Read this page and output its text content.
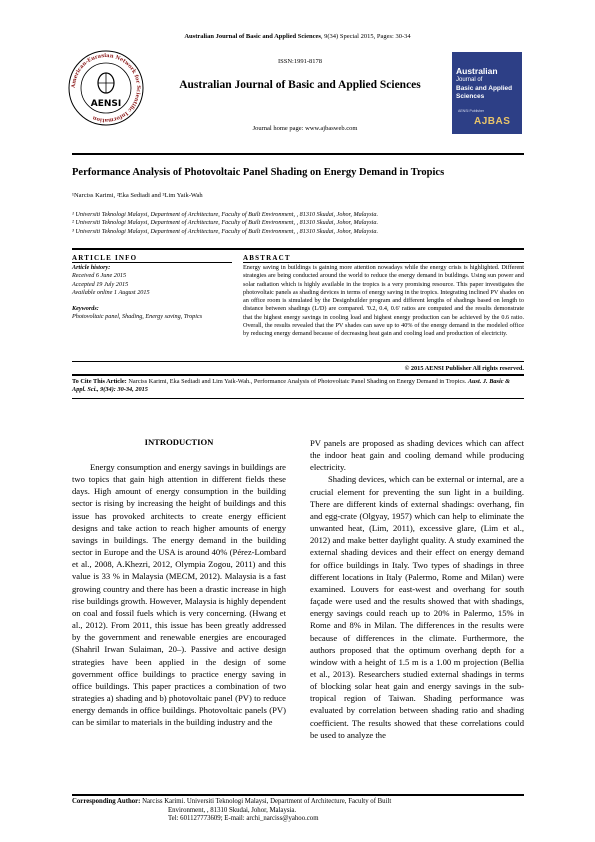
Australian Journal of Basic and Applied Sciences, 9(34) Special 2015, Pages: 30-34
American-Eurasian Network for Scientific Information
AENSI
ISSN:1991-8178
Australian Journal of Basic and Applied Sciences
Journal home page: www.ajbasweb.com
Australian
Journal of
Basic and Applied Sciences
AENSI Publisher
AJBAS
Performance Analysis of Photovoltaic Panel Shading on Energy Demand in Tropics
¹Narciss Karimi, ²Eka Sediadi and ³Lim Yaik-Wah
¹ Universiti Teknologi Malaysi, Department of Architecture, Faculty of Built Environment, , 81310 Skudai, Johor, Malaysia.
² Universiti Teknologi Malaysi, Department of Architecture, Faculty of Built Environment, , 81310 Skudai, Johor, Malaysia.
³ Universiti Teknologi Malaysi, Department of Architecture, Faculty of Built Environment, , 81310 Skudai, Johor, Malaysia.
ARTICLE INFO	ABSTRACT
Article history:
Received 6 June 2015
Accepted 19 July 2015
Available online 1 August 2015
Keywords:
Photovoltaic panel, Shading, Energy saving, Tropics
Energy saving in buildings is gaining more attention nowadays while the energy crisis is highlighted. Different strategies are being conducted around the world to reduce the energy demand in buildings. Using sun power and solar radiation which is highly available in the tropics is a very promising resource. This paper investigates the photovoltaic panels as shading devices in terms of energy saving in the tropics. Integrating inclined PV shades on an office room is simulated by the Designbuilder program and different lengths of shadings based on length to distance between shadings (L/D) are compared. '0.2, 0.4, 0.6' ratios are computed and the results demonstrate that the highest energy savings in cooling load and highest energy production can be achieved by the 0.6 ratio. Overall, the results revealed that the PV shades can save up to 40% of the energy demand in the modeled office by reducing energy demand because of decreasing heat gain and cooling load and production of electricity.
© 2015 AENSI Publisher All rights reserved.
To Cite This Article: Narciss Karimi, Eka Sediadi and Lim Yaik-Wah., Performance Analysis of Photovoltaic Panel Shading on Energy Demand in Tropics. Aust. J. Basic & Appl. Sci., 9(34): 30-34, 2015
INTRODUCTION

Energy consumption and energy savings in buildings are two topics that gain high attention in different fields these days. High amount of energy consumption in the building sector is rising by increasing the height of buildings and this issue has provoked architects to create energy efficient designs and take action to reach higher amounts of energy savings in buildings. The energy demand in the building sector in Europe and the USA is around 40% (Pérez-Lombard et al., 2008, A.Khezri, 2012, Olympia Zogou, 2011) and this value is 33 % in Malaysia (MECM, 2012). Malaysia is a fast growing country and there has been a drastic increase in high rise buildings growth. However, Malaysia is highly dependent on coal and fossil fuels which is very concerning. (Hwang et al., 2012). From 2011, this issue has been greatly addressed by the government and renewable energies are encouraged (Shahril Irwan Sulaiman, 20–). Passive and active design strategies have been applied in the design of some government office buildings to practice energy saving in office buildings. This paper practices a combination of two strategies a) shading and b) photovoltaic panel (PV) to reduce energy demands in office buildings. Photovoltaic panels (PV) can be similar to materials in the building industry and the

PV panels are proposed as shading devices which can affect the indoor heat gain and cooling demand while producing electricity.

Shading devices, which can be external or internal, are a crucial element for preventing the sun light in a building. There are different kinds of external shadings: overhang, fin and egg-crate (Olgyay, 1957) which can help to eliminate the unwanted heat, (Lim, 2011), excessive glare, (Lim et al., 2012) and make better daylight quality. A study examined the external shading devices and their effect on energy demand for office buildings in Italy. Two types of shadings in three different locations in Italy (Palermo, Rome and Milan) were examined. Louvers for east-west and overhang for south façade were used and the results showed that with shadings, energy savings could reach up to 20% in Palermo, 15% in Rome and 8% in Milan. The differences in the results were because of differences in the climate. Furthermore, the authors proposed that the optimum overhang depth for a window with a height of 1.5 m is a 1.00 m projection (Bellia et al., 2013). Researchers studied external shadings in terms of blocking solar heat gain and energy savings in the sub-tropical region of Taiwan. Shading performance was evaluated by correlation between shading ratio and shading coefficient. The results showed that these correlations could be used to analyze the

Corresponding Author: Narciss Karimi. Universiti Teknologi Malaysi, Department of Architecture, Faculty of Built
Environment, , 81310 Skudai, Johor, Malaysia.
Tel: 601127773609; E-mail: archi_narciss@yahoo.com
